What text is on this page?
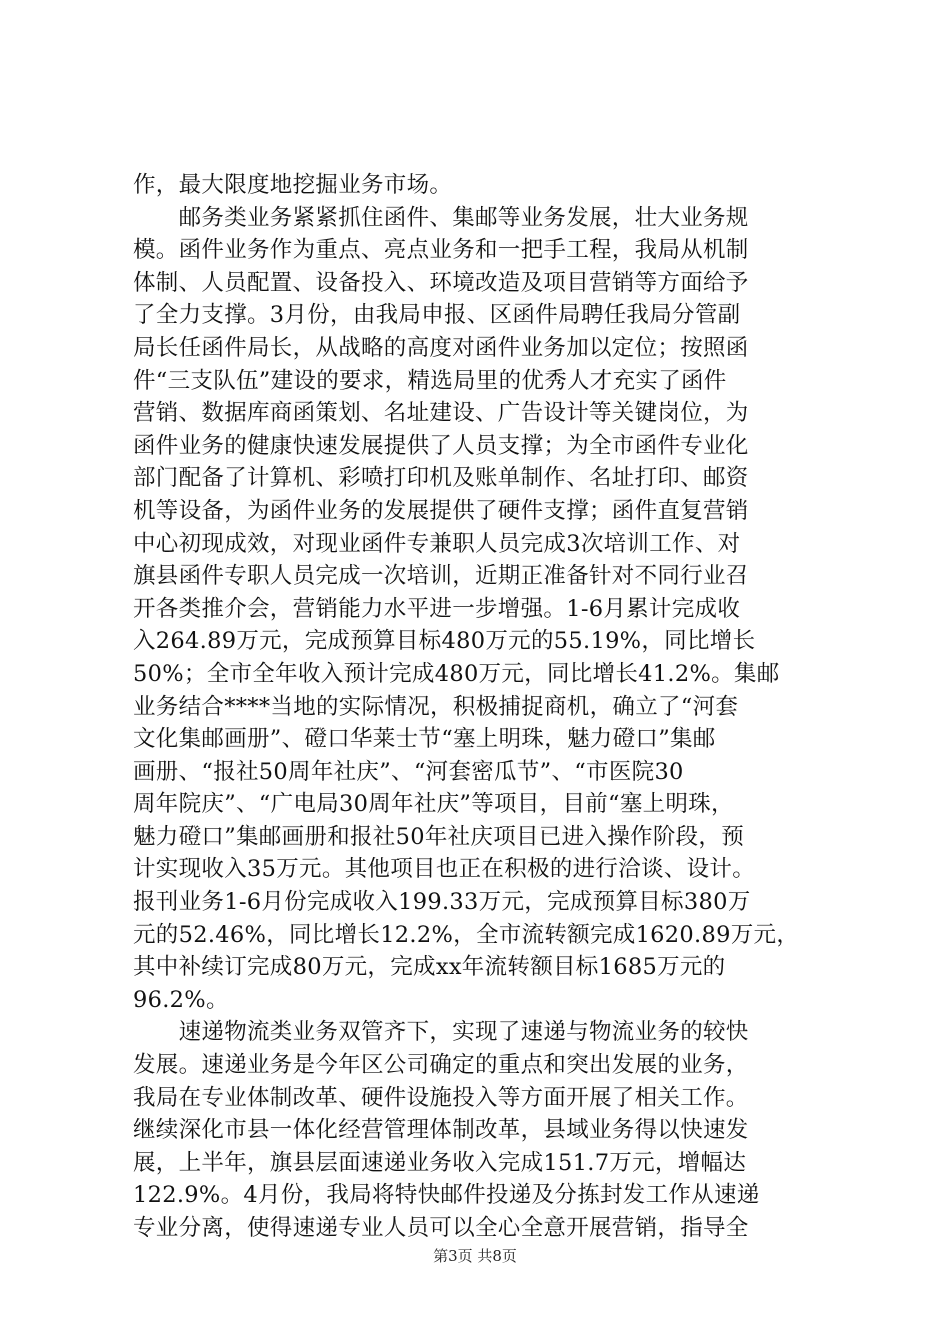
作，最大限度地挖掘业务市场。
　　邮务类业务紧紧抓住函件、集邮等业务发展，壮大业务规
模。函件业务作为重点、亮点业务和一把手工程，我局从机制
体制、人员配置、设备投入、环境改造及项目营销等方面给予
了全力支撑。3月份，由我局申报、区函件局聘任我局分管副
局长任函件局长，从战略的高度对函件业务加以定位；按照函
件“三支队伍”建设的要求，精选局里的优秀人才充实了函件
营销、数据库商函策划、名址建设、广告设计等关键岗位，为
函件业务的健康快速发展提供了人员支撑；为全市函件专业化
部门配备了计算机、彩喷打印机及账单制作、名址打印、邮资
机等设备，为函件业务的发展提供了硬件支撑；函件直复营销
中心初现成效，对现业函件专兼职人员完成3次培训工作、对
旗县函件专职人员完成一次培训，近期正准备针对不同行业召
开各类推介会，营销能力水平进一步增强。1-6月累计完成收
入264.89万元，完成预算目标480万元的55.19%，同比增长
50%；全市全年收入预计完成480万元，同比增长41.2%。集邮
业务结合****当地的实际情况，积极捕捉商机，确立了“河套
文化集邮画册”、磴口华莱士节“塞上明珠，魅力磴口”集邮
画册、“报社50周年社庆”、“河套密瓜节”、“市医院30
周年院庆”、“广电局30周年社庆”等项目，目前“塞上明珠，
魅力磴口”集邮画册和报社50年社庆项目已进入操作阶段，预
计实现收入35万元。其他项目也正在积极的进行洽谈、设计。
报刊业务1-6月份完成收入199.33万元，完成预算目标380万
元的52.46%，同比增长12.2%，全市流转额完成1620.89万元，
其中补续订完成80万元，完成xx年流转额目标1685万元的
96.2%。
　　速递物流类业务双管齐下，实现了速递与物流业务的较快
发展。速递业务是今年区公司确定的重点和突出发展的业务，
我局在专业体制改革、硬件设施投入等方面开展了相关工作。
继续深化市县一体化经营管理体制改革，县域业务得以快速发
展，上半年，旗县层面速递业务收入完成151.7万元，增幅达
122.9%。4月份，我局将特快邮件投递及分拣封发工作从速递
专业分离，使得速递专业人员可以全心全意开展营销，指导全
第3页 共8页
